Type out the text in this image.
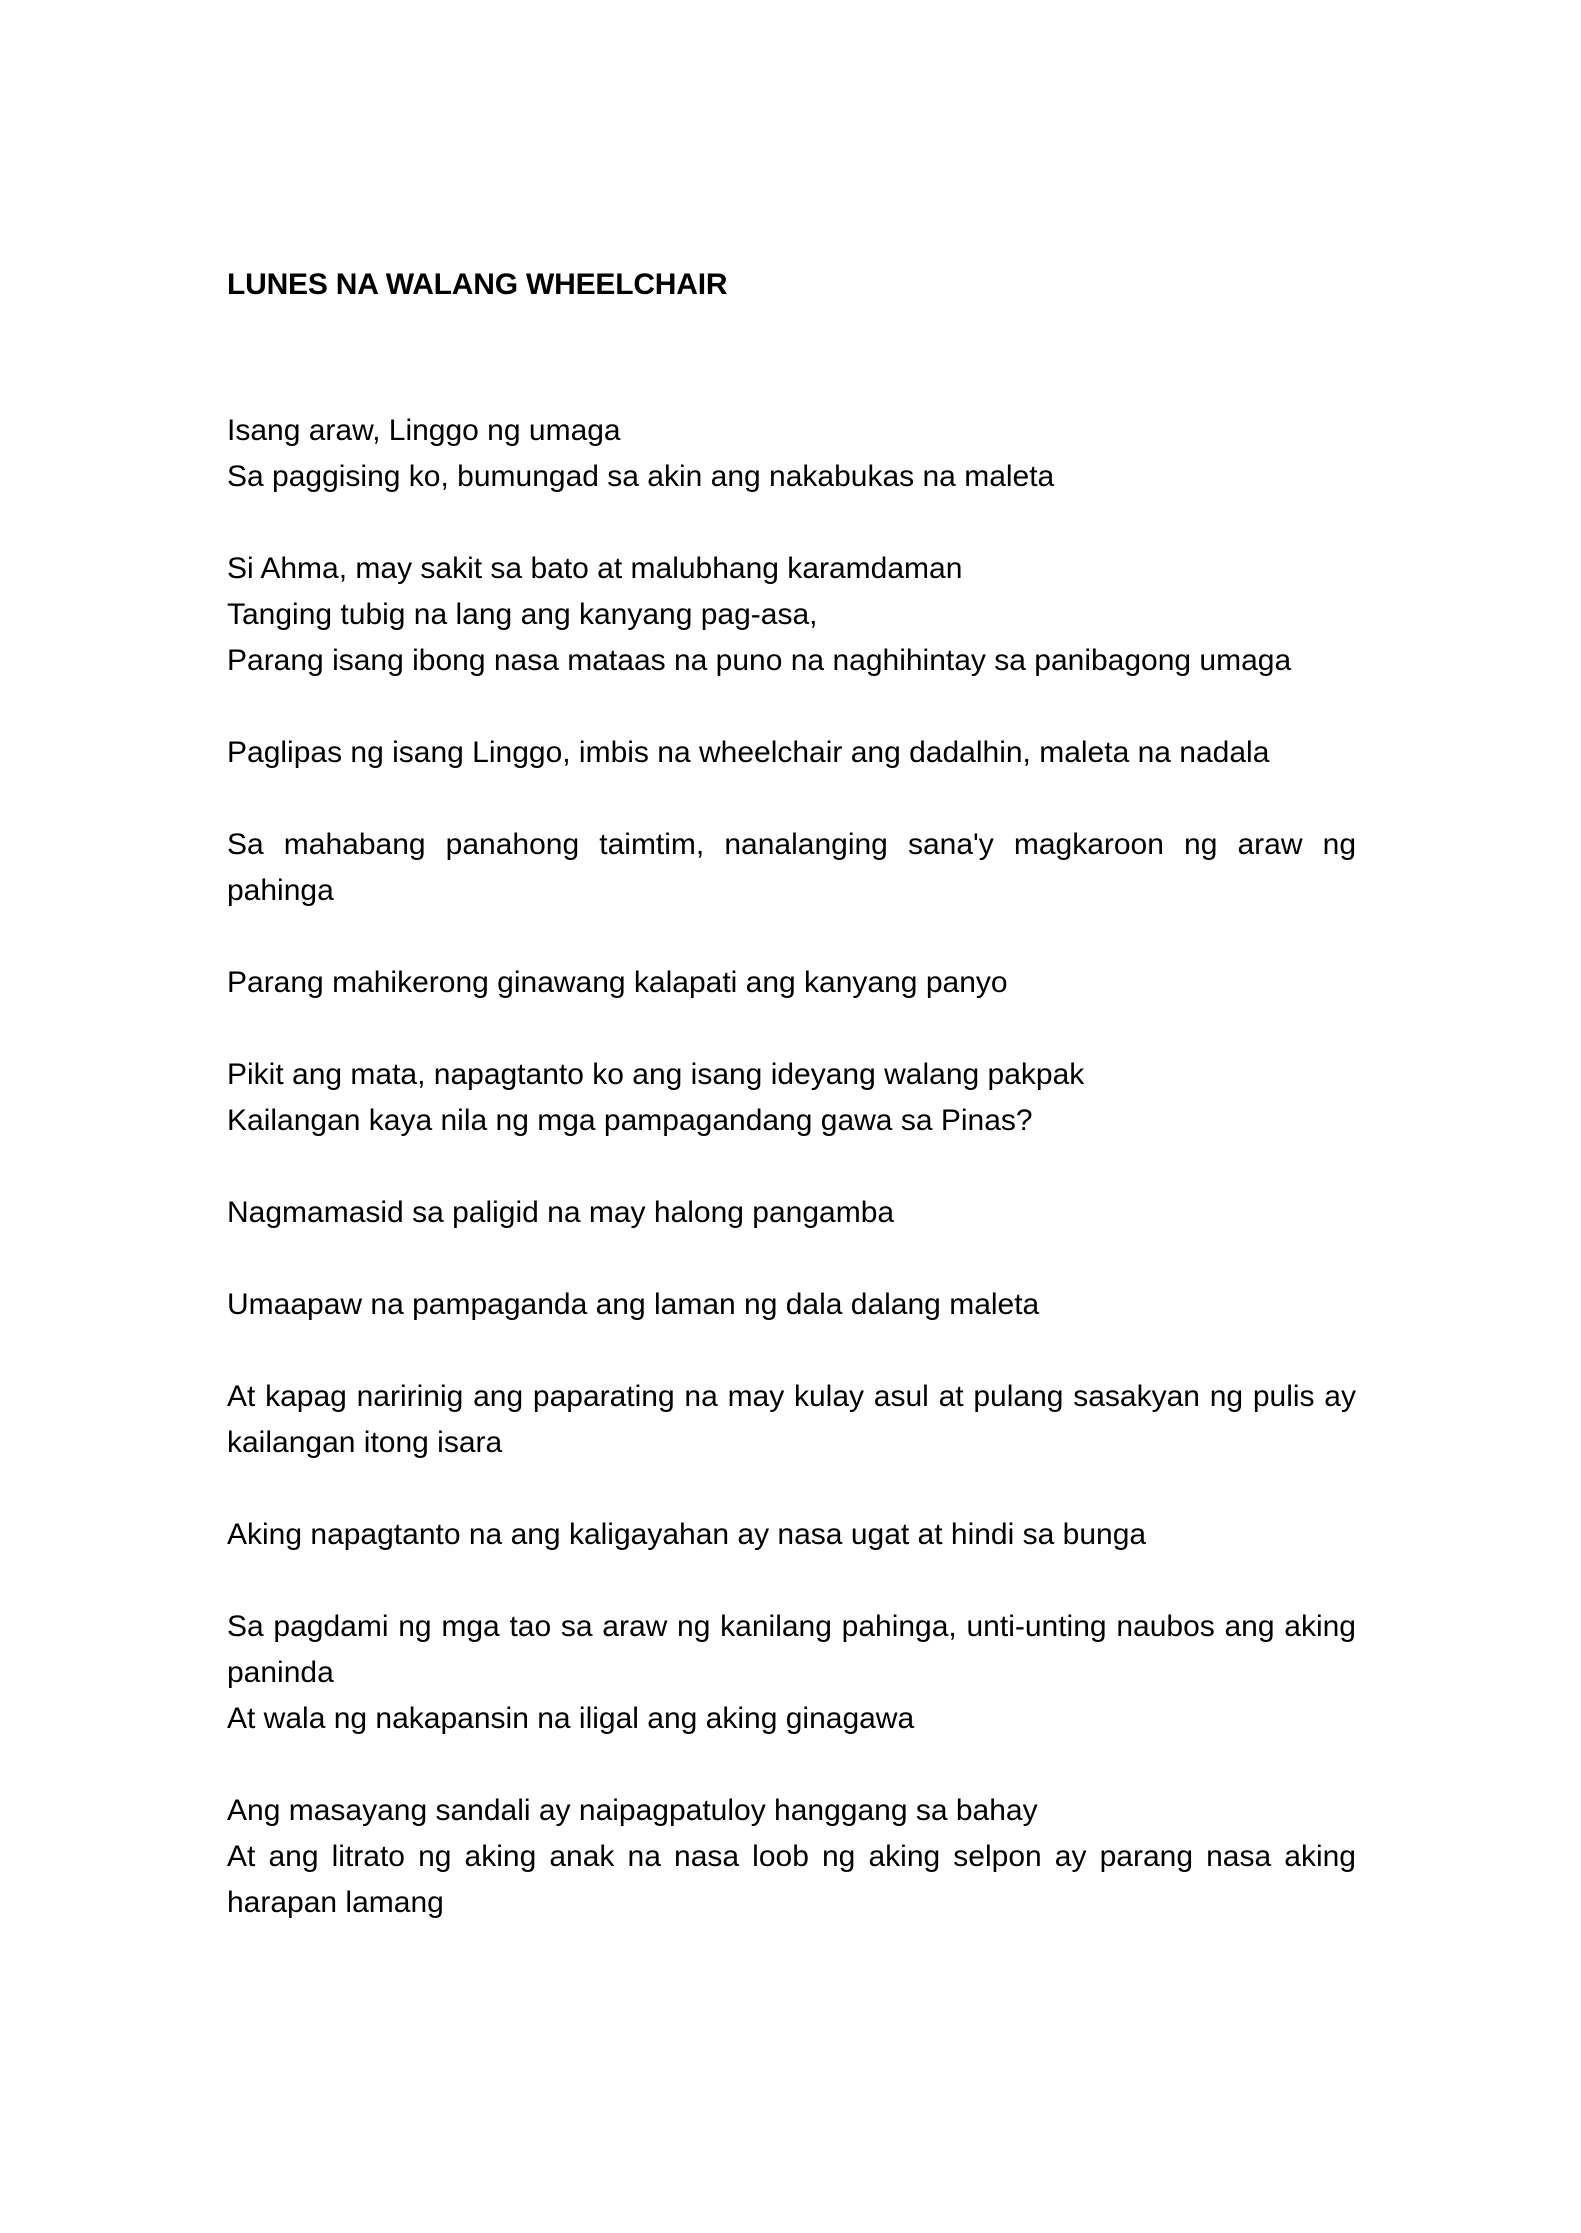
LUNES NA WALANG WHEELCHAIR
Isang araw, Linggo ng umaga
Sa paggising ko, bumungad sa akin ang nakabukas na maleta
Si Ahma, may sakit sa bato at malubhang karamdaman
Tanging tubig na lang ang kanyang pag-asa,
Parang isang ibong nasa mataas na puno na naghihintay sa panibagong umaga
Paglipas ng isang Linggo, imbis na wheelchair ang dadalhin, maleta na nadala
Sa mahabang panahong taimtim, nanalanging sana'y magkaroon ng araw ng pahinga
Parang mahikerong ginawang kalapati ang kanyang panyo
Pikit ang mata, napagtanto ko ang isang ideyang walang pakpak
Kailangan kaya nila ng mga pampagandang gawa sa Pinas?
Nagmamasid sa paligid na may halong pangamba
Umaapaw na pampaganda ang laman ng dala dalang maleta
At kapag naririnig ang paparating na may kulay asul at pulang sasakyan ng pulis ay kailangan itong isara
Aking napagtanto na ang kaligayahan ay nasa ugat at hindi sa bunga
Sa pagdami ng mga tao sa araw ng kanilang pahinga, unti-unting naubos ang aking paninda
At wala ng nakapansin na iligal ang aking ginagawa
Ang masayang sandali ay naipagpatuloy hanggang sa bahay
At ang litrato ng aking anak na nasa loob ng aking selpon ay parang nasa aking harapan lamang
